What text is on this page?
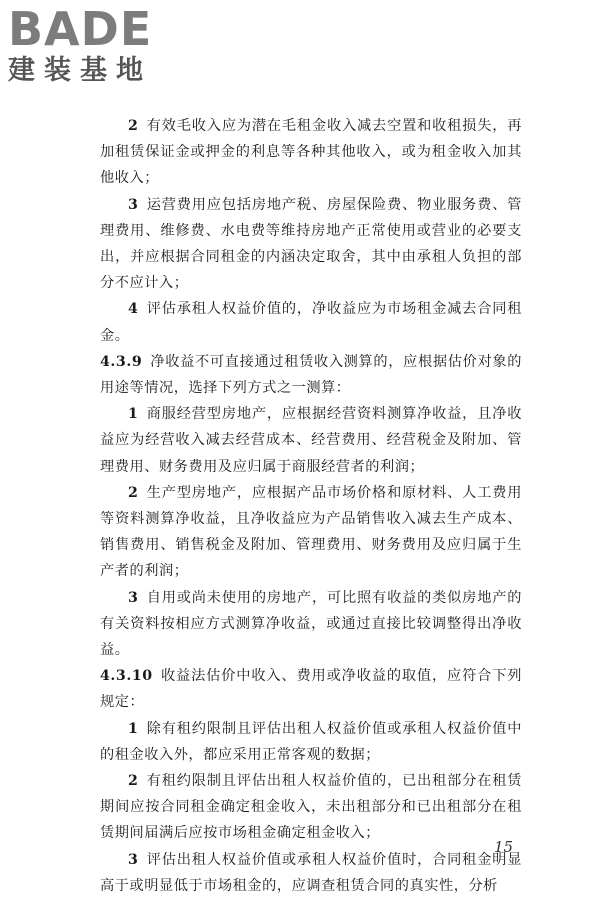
BADE
建装基地

2 有效毛收入应为潜在毛租金收入减去空置和收租损失，再加租赁保证金或押金的利息等各种其他收入，或为租金收入加其他收入；

3 运营费用应包括房地产税、房屋保险费、物业服务费、管理费用、维修费、水电费等维持房地产正常使用或营业的必要支出，并应根据合同租金的内涵决定取舍，其中由承租人负担的部分不应计入；

4 评估承租人权益价值的，净收益应为市场租金减去合同租金。

4.3.9 净收益不可直接通过租赁收入测算的，应根据估价对象的用途等情况，选择下列方式之一测算：

1 商服经营型房地产，应根据经营资料测算净收益，且净收益应为经营收入减去经营成本、经营费用、经营税金及附加、管理费用、财务费用及应归属于商服经营者的利润；

2 生产型房地产，应根据产品市场价格和原材料、人工费用等资料测算净收益，且净收益应为产品销售收入减去生产成本、销售费用、销售税金及附加、管理费用、财务费用及应归属于生产者的利润；

3 自用或尚未使用的房地产，可比照有收益的类似房地产的有关资料按相应方式测算净收益，或通过直接比较调整得出净收益。

4.3.10 收益法估价中收入、费用或净收益的取值，应符合下列规定：

1 除有租约限制且评估出租人权益价值或承租人权益价值中的租金收入外，都应采用正常客观的数据；

2 有租约限制且评估出租人权益价值的，已出租部分在租赁期间应按合同租金确定租金收入，未出租部分和已出租部分在租赁期间届满后应按市场租金确定租金收入；

3 评估出租人权益价值或承租人权益价值时，合同租金明显高于或明显低于市场租金的，应调查租赁合同的真实性，分析

15
